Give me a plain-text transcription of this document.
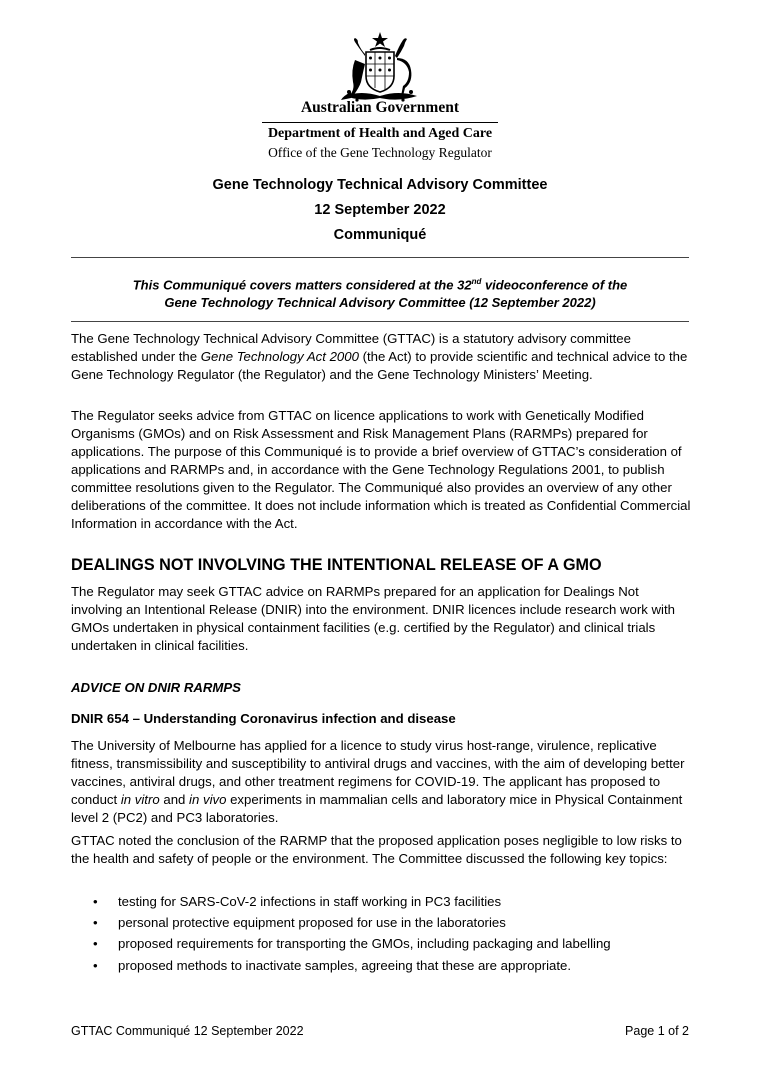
Australian Government
Department of Health and Aged Care
Office of the Gene Technology Regulator
Gene Technology Technical Advisory Committee
12 September 2022
Communiqué
This Communiqué covers matters considered at the 32nd videoconference of the
Gene Technology Technical Advisory Committee (12 September 2022)

The Gene Technology Technical Advisory Committee (GTTAC) is a statutory advisory committee established under the Gene Technology Act 2000 (the Act) to provide scientific and technical advice to the Gene Technology Regulator (the Regulator) and the Gene Technology Ministers’ Meeting.

The Regulator seeks advice from GTTAC on licence applications to work with Genetically Modified Organisms (GMOs) and on Risk Assessment and Risk Management Plans (RARMPs) prepared for applications. The purpose of this Communiqué is to provide a brief overview of GTTAC’s consideration of applications and RARMPs and, in accordance with the Gene Technology Regulations 2001, to publish committee resolutions given to the Regulator. The Communiqué also provides an overview of any other deliberations of the committee. It does not include information which is treated as Confidential Commercial Information in accordance with the Act.

DEALINGS NOT INVOLVING THE INTENTIONAL RELEASE OF A GMO

The Regulator may seek GTTAC advice on RARMPs prepared for an application for Dealings Not involving an Intentional Release (DNIR) into the environment. DNIR licences include research work with GMOs undertaken in physical containment facilities (e.g. certified by the Regulator) and clinical trials undertaken in clinical facilities.

ADVICE ON DNIR RARMPS
DNIR 654 – Understanding Coronavirus infection and disease

The University of Melbourne has applied for a licence to study virus host-range, virulence, replicative fitness, transmissibility and susceptibility to antiviral drugs and vaccines, with the aim of developing better vaccines, antiviral drugs, and other treatment regimens for COVID-19. The applicant has proposed to conduct in vitro and in vivo experiments in mammalian cells and laboratory mice in Physical Containment level 2 (PC2) and PC3 laboratories.

GTTAC noted the conclusion of the RARMP that the proposed application poses negligible to low risks to the health and safety of people or the environment. The Committee discussed the following key topics:

• testing for SARS-CoV-2 infections in staff working in PC3 facilities
• personal protective equipment proposed for use in the laboratories
• proposed requirements for transporting the GMOs, including packaging and labelling
• proposed methods to inactivate samples, agreeing that these are appropriate.
GTTAC Communiqué 12 September 2022	Page 1 of 2
